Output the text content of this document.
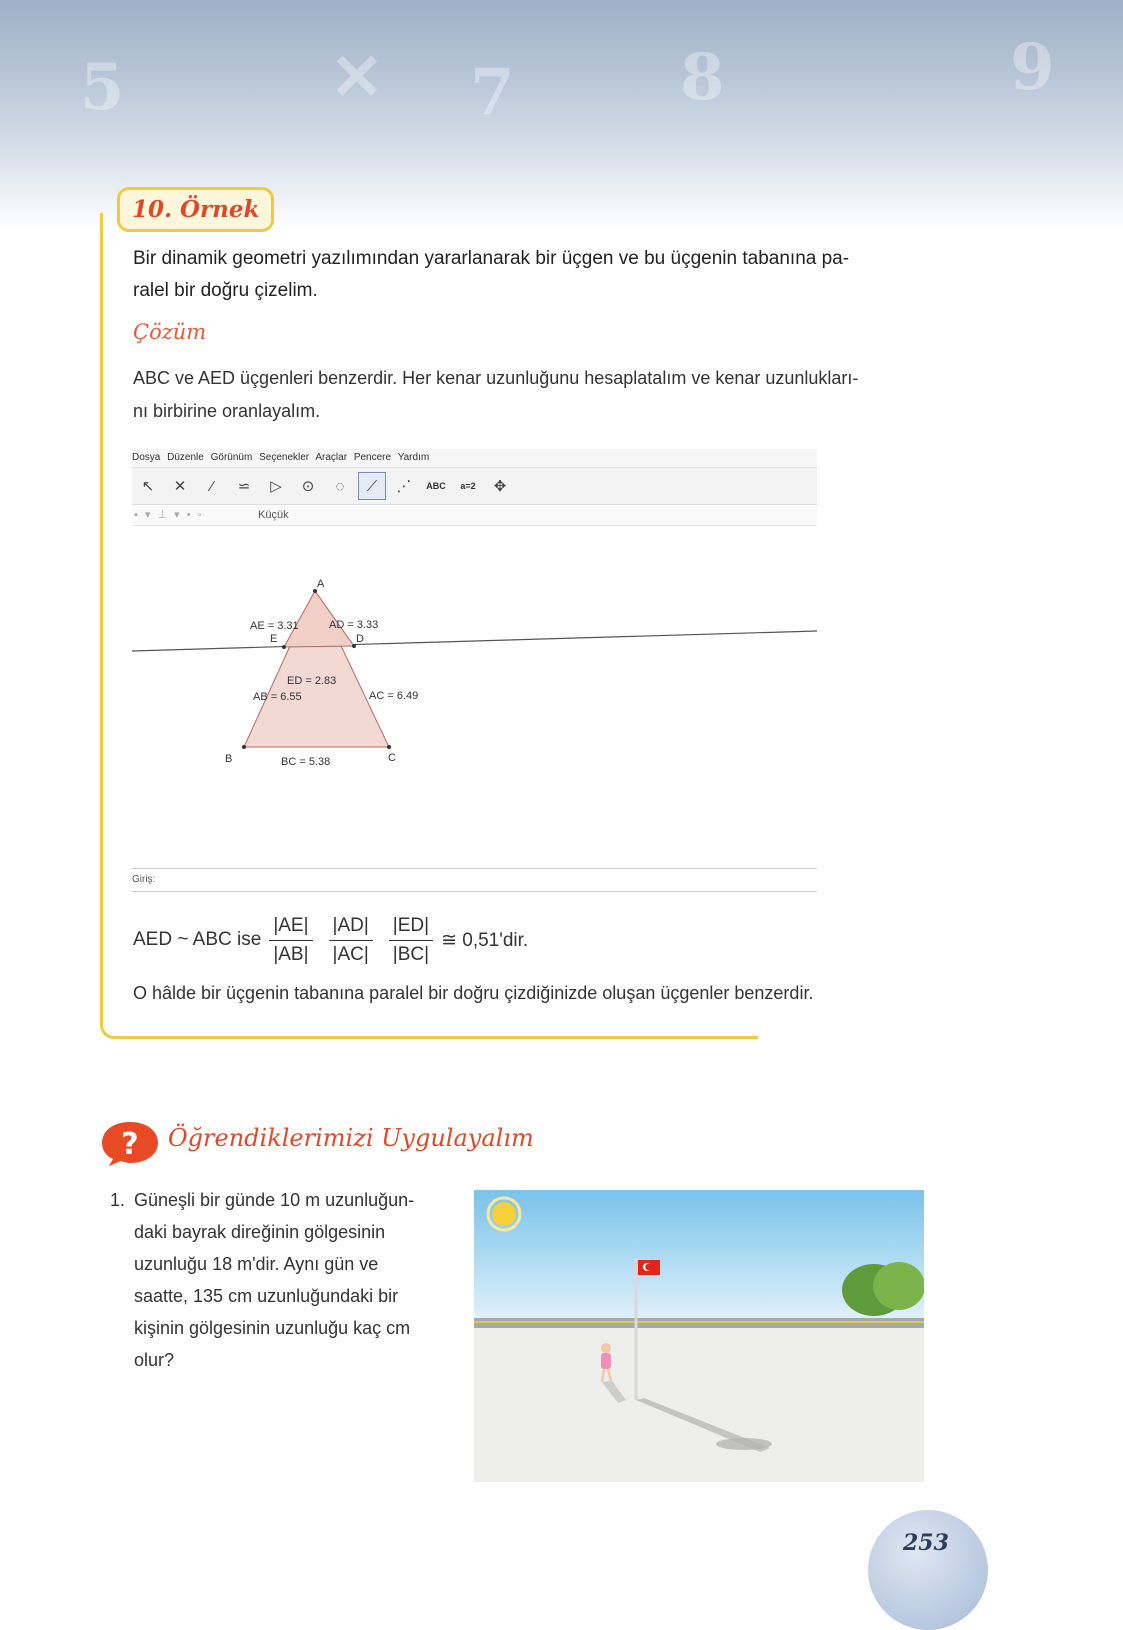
5	✕ 7	8	9
10. Örnek
Bir dinamik geometri yazılımından yararlanarak bir üçgen ve bu üçgenin tabanına pa-
ralel bir doğru çizelim.
Çözüm
ABC ve AED üçgenleri benzerdir. Her kenar uzunluğunu hesaplatalım ve kenar uzunlukları-
nı birbirine oranlayalım.
Dosya Düzenle Görünüm Seçenekler Araçlar Pencere Yardım
↖	✕	⁄	⋍	▷	⊙	◌	⟋	⋰	ABC a=2	✥
▪ ▾ ⊥ ▾ • ▫	Küçük
A
B	C
D
E
AE = 3.31	AD = 3.33
ED = 2.83
AB = 6.55	AC = 6.49
BC = 5.38
Giriş:
AED ~ ABC ise $\frac{|AE|}{|AB|} \frac{|AD|}{|AC|} \frac{|ED|}{|BC|}$ ≅ 0,51'dir.
O hâlde bir üçgenin tabanına paralel bir doğru çizdiğinizde oluşan üçgenler benzerdir.
? Öğrendiklerimizi Uygulayalım
1. Güneşli bir günde 10 m uzunluğun-
daki bayrak direğinin gölgesinin
uzunluğu 18 m'dir. Aynı gün ve
saatte, 135 cm uzunluğundaki bir
kişinin gölgesinin uzunluğu kaç cm
olur?
253
